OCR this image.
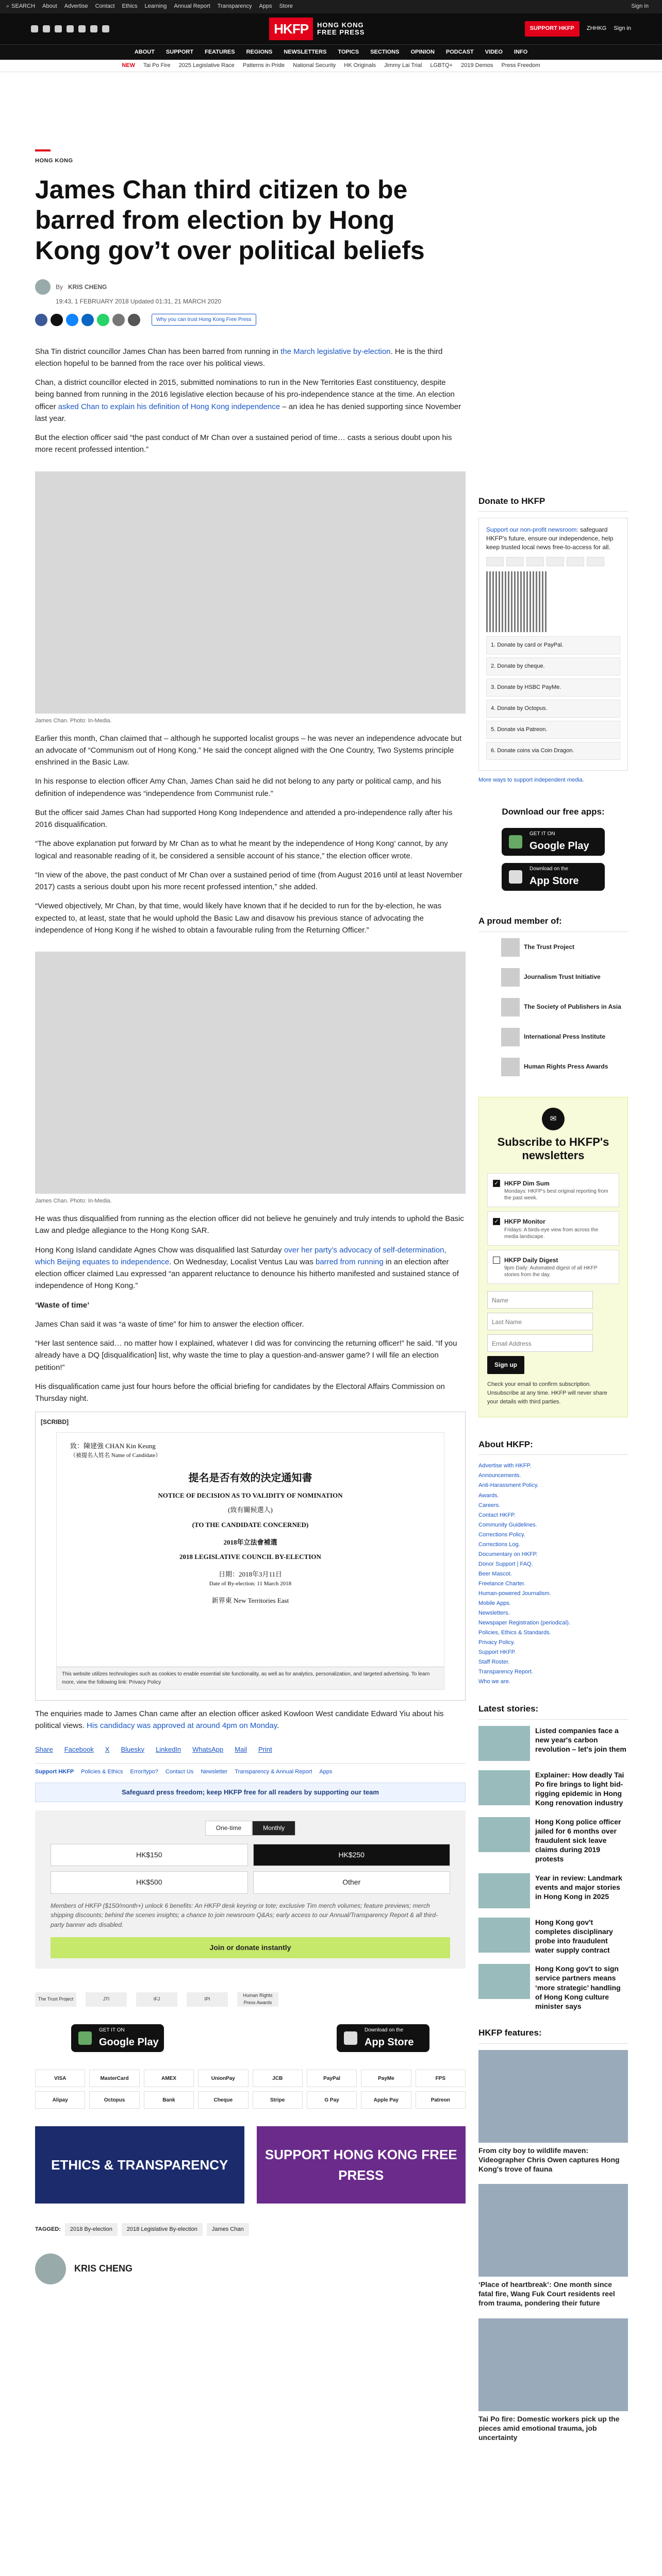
⌕ SEARCH About Advertise Contact Ethics Learning Annual Report Transparency Apps Store	Sign in
HKFP	HONG KONG
FREE PRESS	SUPPORT HKFP	ZHHKG Sign in
ABOUT SUPPORT FEATURES REGIONS NEWSLETTERS TOPICS SECTIONS OPINION PODCAST VIDEO INFO
NEW Tai Po Fire 2025 Legislative Race Patterns in Pride National Security HK Originals Jimmy Lai Trial LGBTQ+ 2019 Demos Press Freedom
HONG KONG
James Chan third citizen to be barred from election by Hong Kong gov’t over political beliefs
By KRIS CHENG
19:43, 1 FEBRUARY 2018 Updated 01:31, 21 MARCH 2020
Why you can trust Hong Kong Free Press

Sha Tin district councillor James Chan has been barred from running in the March legislative by-election. He is the third election hopeful to be banned from the race over his political views.

Chan, a district councillor elected in 2015, submitted nominations to run in the New Territories East constituency, despite being banned from running in the 2016 legislative election because of his pro-independence stance at the time. An election officer asked Chan to explain his definition of Hong Kong independence – an idea he has denied supporting since November last year.

But the election officer said “the past conduct of Mr Chan over a sustained period of time… casts a serious doubt upon his more recent professed intention.”

James Chan. Photo: In-Media.

Earlier this month, Chan claimed that – although he supported localist groups – he was never an independence advocate but an advocate of “Communism out of Hong Kong.” He said the concept aligned with the One Country, Two Systems principle enshrined in the Basic Law.

In his response to election officer Amy Chan, James Chan said he did not belong to any party or political camp, and his definition of independence was “independence from Communist rule.”

But the officer said James Chan had supported Hong Kong Independence and attended a pro-independence rally after his 2016 disqualification.

“The above explanation put forward by Mr Chan as to what he meant by the independence of Hong Kong’ cannot, by any logical and reasonable reading of it, be considered a sensible account of his stance,” the election officer wrote.

“In view of the above, the past conduct of Mr Chan over a sustained period of time (from August 2016 until at least November 2017) casts a serious doubt upon his more recent professed intention,” she added.

“Viewed objectively, Mr Chan, by that time, would likely have known that if he decided to run for the by-election, he was expected to, at least, state that he would uphold the Basic Law and disavow his previous stance of advocating the independence of Hong Kong if he wished to obtain a favourable ruling from the Returning Officer.”

James Chan. Photo: In-Media.

He was thus disqualified from running as the election officer did not believe he genuinely and truly intends to uphold the Basic Law and pledge allegiance to the Hong Kong SAR.

Hong Kong Island candidate Agnes Chow was disqualified last Saturday over her party’s advocacy of self-determination, which Beijing equates to independence. On Wednesday, Localist Ventus Lau was barred from running in an election after election officer claimed Lau expressed “an apparent reluctance to denounce his hitherto manifested and sustained stance of independence of Hong Kong.”

‘Waste of time’

James Chan said it was “a waste of time” for him to answer the election officer.

“Her last sentence said… no matter how I explained, whatever I did was for convincing the returning officer!” he said. “If you already have a DQ [disqualification] list, why waste the time to play a question-and-answer game? I will file an election petition!”

His disqualification came just four hours before the official briefing for candidates by the Electoral Affairs Commission on Thursday night.

[SCRIBD]
致：陳建強 CHAN Kin Keung
（被提名人姓名 Name of Candidate）
提名是否有效的決定通知書
NOTICE OF DECISION AS TO VALIDITY OF NOMINATION
(致有關候選人)
(TO THE CANDIDATE CONCERNED)
2018年立法會補選
2018 LEGISLATIVE COUNCIL BY-ELECTION
日期：2018年3月11日
Date of By-election: 11 March 2018
新界東 New Territories East
This website utilizes technologies such as cookies to enable essential site functionality, as well as for analytics, personalization, and targeted advertising. To learn more, view the following link: Privacy Policy

The enquiries made to James Chan came after an election officer asked Kowloon West candidate Edward Yiu about his political views. His candidacy was approved at around 4pm on Monday.

Share Facebook X Bluesky LinkedIn WhatsApp Mail Print
Support HKFP Policies & Ethics Error/typo? Contact Us Newsletter Transparency & Annual Report Apps
Safeguard press freedom; keep HKFP free for all readers by supporting our team
One-time	Monthly
HK$150	HK$250
HK$500	Other
Members of HKFP ($150/month+) unlock 6 benefits: An HKFP desk keyring or tote; exclusive Tim merch volumes; feature previews; merch shipping discounts; behind the scenes insights; a chance to join newsroom Q&As; early access to our Annual/Transparency Report & all third-party banner ads disabled.
Join or donate instantly
The Trust Project	JTI	IFJ	IPI
Human Rights Press Awards
GET IT ON
Google Play
Download on the
App Store
VISA	MasterCard	AMEX	UnionPay	JCB	PayPal	PayMe	FPS
Alipay	Octopus	Bank	Cheque	Stripe	G Pay	Apple Pay	Patreon
ETHICS & TRANSPARENCY
SUPPORT HONG KONG FREE PRESS
TAGGED:	2018 By-election	2018 Legislative By-election	James Chan
KRIS CHENG
Donate to HKFP
Support our non-profit newsroom: safeguard HKFP's future, ensure our independence, help keep trusted local news free-to-access for all.
1. Donate by card or PayPal.
2. Donate by cheque.
3. Donate by HSBC PayMe.
4. Donate by Octopus.
5. Donate via Patreon.
6. Donate coins via Coin Dragon.
More ways to support independent media.
Download our free apps:
GET IT ON
Google Play
Download on the
App Store
A proud member of:
The Trust Project
Journalism Trust Initiative
The Society of Publishers in Asia
International Press Institute
Human Rights Press Awards
✉
Subscribe to HKFP's newsletters
✓ HKFP Dim Sum
Mondays: HKFP’s best original reporting from the past week.
✓ HKFP Monitor
Fridays: A birds-eye view from across the media landscape.
HKFP Daily Digest
9pm Daily: Automated digest of all HKFP stories from the day.
Name
Last Name
Email Address
Sign up
Check your email to confirm subscription. Unsubscribe at any time. HKFP will never share your details with third parties.
About HKFP:
Advertise with HKFP.
Announcements.
Anti-Harassment Policy.
Awards.
Careers.
Contact HKFP.
Community Guidelines.
Corrections Policy.
Corrections Log.
Documentary on HKFP.
Donor Support | FAQ.
Beer Mascot.
Freelance Charter.
Human-powered Journalism.
Mobile Apps.
Newsletters.
Newspaper Registration (periodical).
Policies, Ethics & Standards.
Privacy Policy.
Support HKFP.
Staff Roster.
Transparency Report.
Who we are.
Latest stories:
Listed companies face a new year's carbon revolution – let's join them
Explainer: How deadly Tai Po fire brings to light bid-rigging epidemic in Hong Kong renovation industry
Hong Kong police officer jailed for 6 months over fraudulent sick leave claims during 2019 protests
Year in review: Landmark events and major stories in Hong Kong in 2025
Hong Kong gov't completes disciplinary probe into fraudulent water supply contract
Hong Kong gov't to sign service partners means ‘more strategic’ handling of Hong Kong culture minister says
HKFP features:
From city boy to wildlife maven: Videographer Chris Owen captures Hong Kong's trove of fauna
‘Place of heartbreak’: One month since fatal fire, Wang Fuk Court residents reel from trauma, pondering their future
Tai Po fire: Domestic workers pick up the pieces amid emotional trauma, job uncertainty
